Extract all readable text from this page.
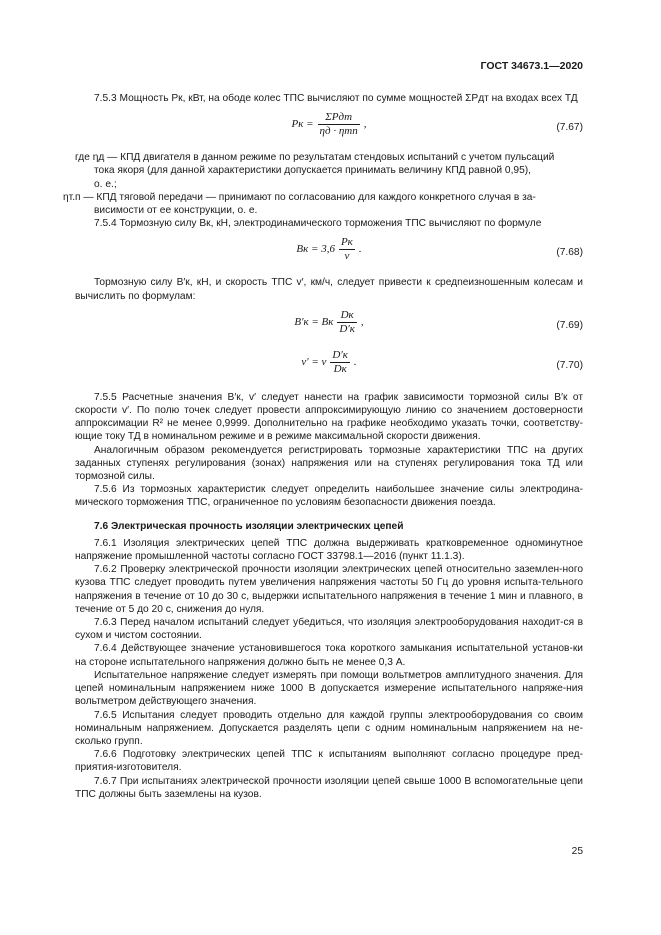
ГОСТ 34673.1—2020

7.5.3 Мощность Pк, кВт, на ободе колес ТПС вычисляют по сумме мощностей ΣPдт на входах всех ТД

Pк = $\frac{\text{ΣPдт}}{\text{ηд · ηтп}}$ ,	(7.67)

где ηд — КПД двигателя в данном режиме по результатам стендовых испытаний с учетом пульсаций

тока якоря (для данной характеристики допускается принимать величину КПД равной 0,95),

о. е.;

ηт.п — КПД тяговой передачи — принимают по согласованию для каждого конкретного случая в за-

висимости от ее конструкции, о. е.

7.5.4 Тормозную силу Bк, кН, электродинамического торможения ТПС вычисляют по формуле

Bк = $3,6 \frac{Pк}{v}$ .	(7.68)

Тормозную силу B′к, кН, и скорость ТПС v′, км/ч, следует привести к средneизношенным колесам и вычислить по формулам:

B′к = Bк $\frac{Dк}{D'к}$ ,	(7.69)
v′ = v $\frac{D'к}{Dк}$ .	(7.70)

7.5.5 Расчетные значения B′к, v′ следует нанести на график зависимости тормозной силы B′к от скорости v′. По полю точек следует провести аппроксимирующую линию со значением достоверности аппроксимации R² не менее 0,9999. Дополнительно на графике необходимо указать точки, соответству-ющие току ТД в номинальном режиме и в режиме максимальной скорости движения.

Аналогичным образом рекомендуется регистрировать тормозные характеристики ТПС на других заданных ступенях регулирования (зонах) напряжения или на ступенях регулирования тока ТД или тормозной силы.

7.5.6 Из тормозных характеристик следует определить наибольшее значение силы электродина-мического торможения ТПС, ограниченное по условиям безопасности движения поезда.

7.6 Электрическая прочность изоляции электрических цепей

7.6.1 Изоляция электрических цепей ТПС должна выдерживать кратковременное одноминутное напряжение промышленной частоты согласно ГОСТ 33798.1—2016 (пункт 11.1.3).

7.6.2 Проверку электрической прочности изоляции электрических цепей относительно заземлен-ного кузова ТПС следует проводить путем увеличения напряжения частоты 50 Гц до уровня испыта-тельного напряжения в течение от 10 до 30 с, выдержки испытательного напряжения в течение 1 мин и плавного, в течение от 5 до 20 с, снижения до нуля.

7.6.3 Перед началом испытаний следует убедиться, что изоляция электрооборудования находит-ся в сухом и чистом состоянии.

7.6.4 Действующее значение установившегося тока короткого замыкания испытательной установ-ки на стороне испытательного напряжения должно быть не менее 0,3 А.

Испытательное напряжение следует измерять при помощи вольтметров амплитудного значения. Для цепей номинальным напряжением ниже 1000 В допускается измерение испытательного напряже-ния вольтметром действующего значения.

7.6.5 Испытания следует проводить отдельно для каждой группы электрооборудования со своим номинальным напряжением. Допускается разделять цепи с одним номинальным напряжением на не-сколько групп.

7.6.6 Подготовку электрических цепей ТПС к испытаниям выполняют согласно процедуре пред-приятия-изготовителя.

7.6.7 При испытаниях электрической прочности изоляции цепей свыше 1000 В вспомогательные цепи ТПС должны быть заземлены на кузов.

25
